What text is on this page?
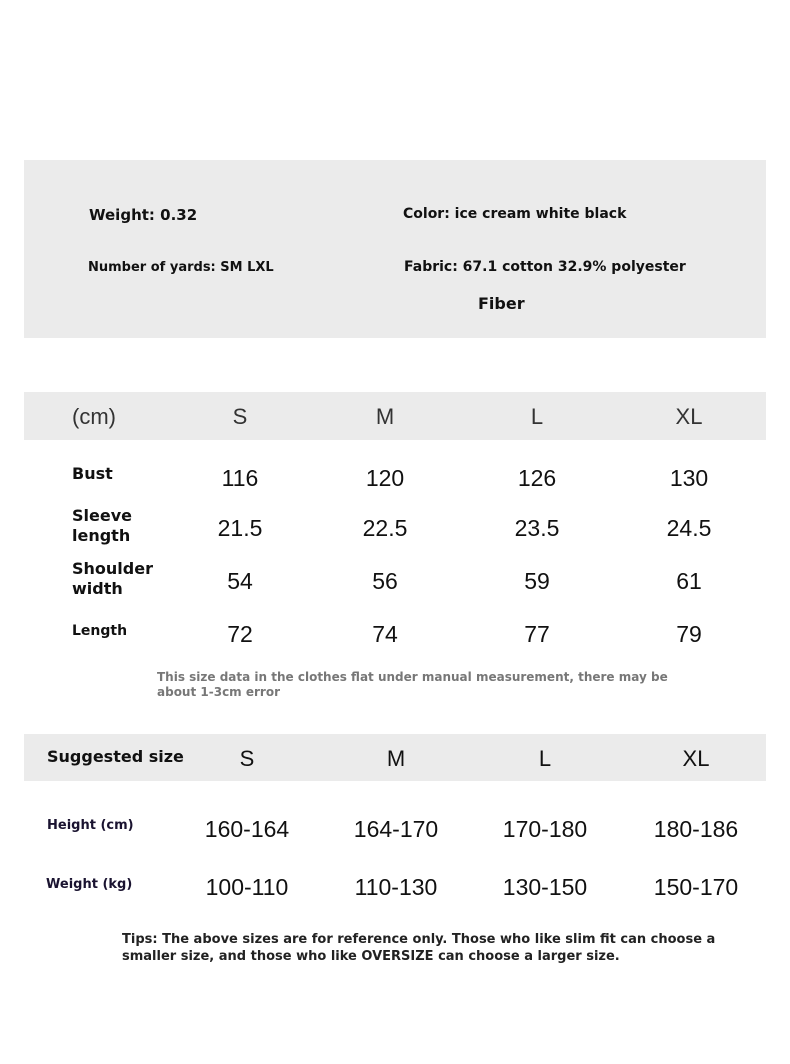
Weight: 0.32	Color: ice cream white black
Number of yards: SM LXL	Fabric: 67.1 cotton 32.9% polyester
Fiber
(cm)	S	M	L	XL
Bust	116	120	126	130
Sleeve
length	21.5	22.5	23.5	24.5
Shoulder
width	54	56	59	61
Length	72	74	77	79
This size data in the clothes flat under manual measurement, there may be
about 1-3cm error
Suggested size	S	M	L	XL
Height (cm)	160-164	164-170	170-180	180-186
Weight (kg)	100-110	110-130	130-150	150-170
Tips: The above sizes are for reference only. Those who like slim fit can choose a
smaller size, and those who like OVERSIZE can choose a larger size.
